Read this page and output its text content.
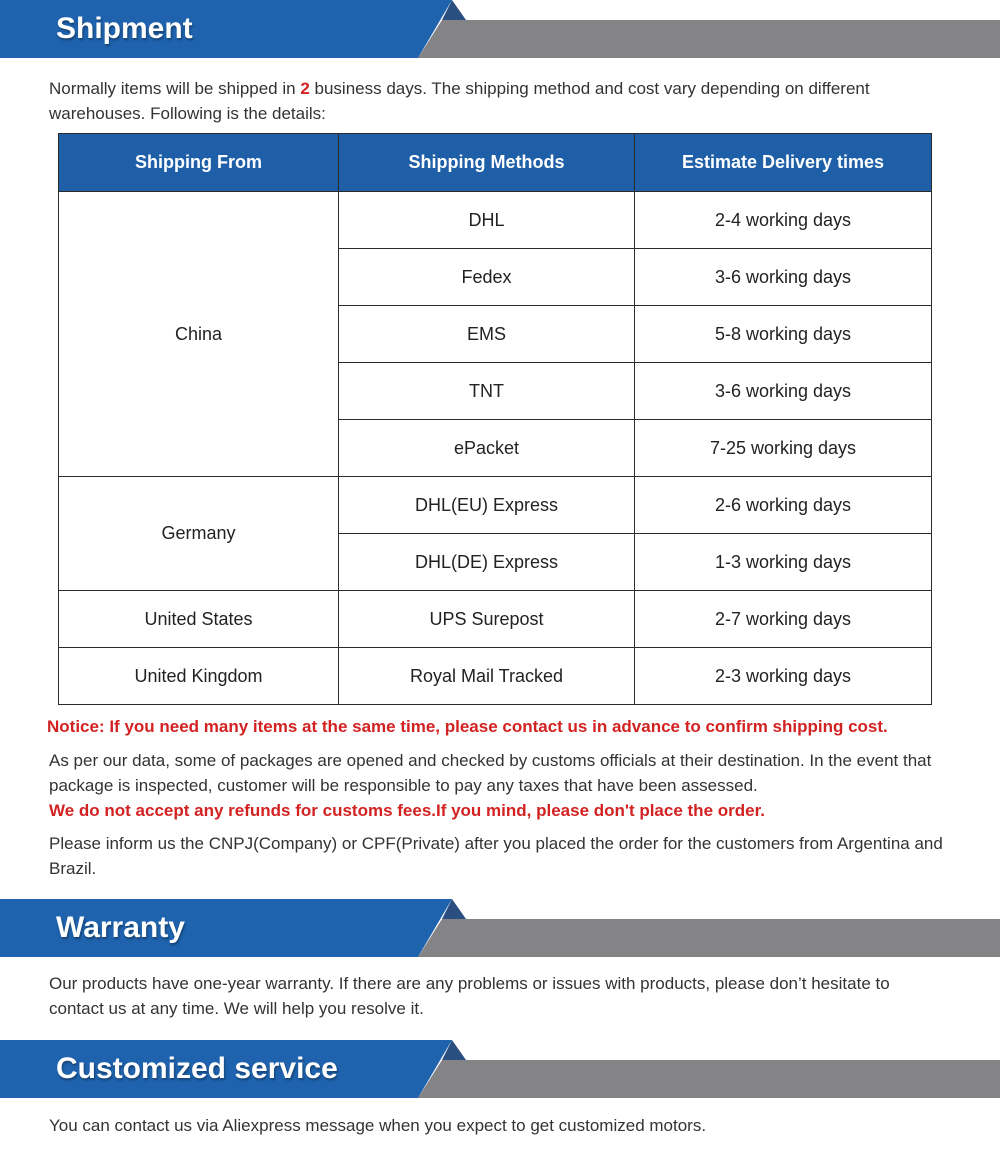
Shipment

Normally items will be shipped in 2 business days. The shipping method and cost vary depending on different warehouses. Following is the details:

Shipping From	Shipping Methods	Estimate Delivery times
China	DHL	2-4 working days
	Fedex	3-6 working days
	EMS	5-8 working days
	TNT	3-6 working days
	ePacket	7-25 working days
Germany	DHL(EU) Express	2-6 working days
	DHL(DE) Express	1-3 working days
United States	UPS Surepost	2-7 working days
United Kingdom	Royal Mail Tracked	2-3 working days
Notice: If you need many items at the same time, please contact us in advance to confirm shipping cost.

As per our data, some of packages are opened and checked by customs officials at their destination. In the event that package is inspected, customer will be responsible to pay any taxes that have been assessed.
We do not accept any refunds for customs fees.If you mind, please don't place the order.

Please inform us the CNPJ(Company) or CPF(Private) after you placed the order for the customers from Argentina and Brazil.

Warranty

Our products have one-year warranty. If there are any problems or issues with products, please don’t hesitate to contact us at any time. We will help you resolve it.

Customized service

You can contact us via Aliexpress message when you expect to get customized motors.
